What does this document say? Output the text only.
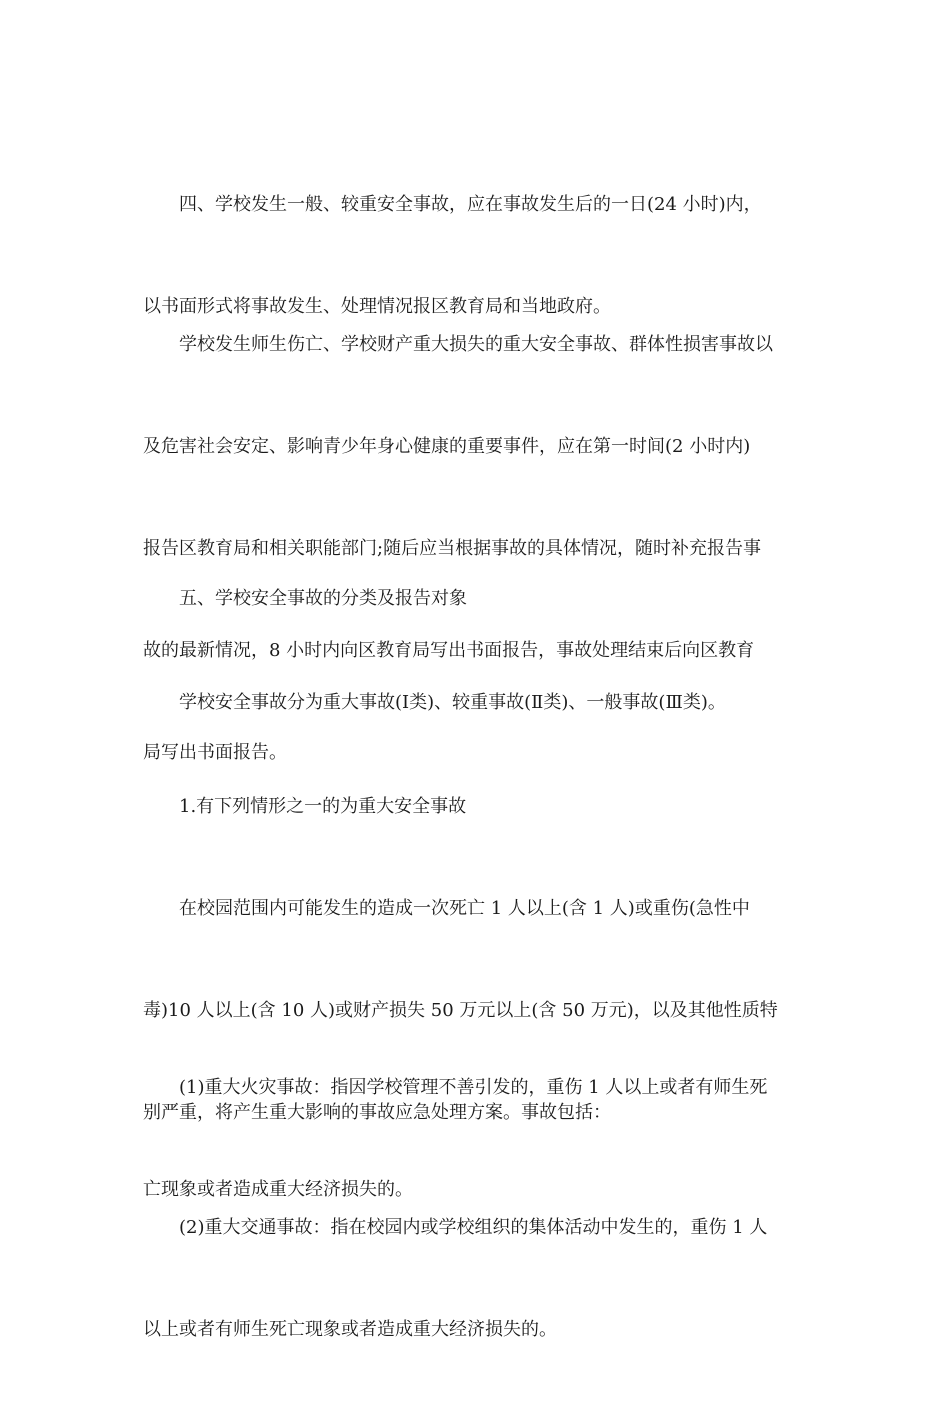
四、学校发生一般、较重安全事故，应在事故发生后的一日(24 小时)内，

以书面形式将事故发生、处理情况报区教育局和当地政府。

学校发生师生伤亡、学校财产重大损失的重大安全事故、群体性损害事故以

及危害社会安定、影响青少年身心健康的重要事件，应在第一时间(2 小时内)

报告区教育局和相关职能部门;随后应当根据事故的具体情况，随时补充报告事

故的最新情况，8 小时内向区教育局写出书面报告，事故处理结束后向区教育

局写出书面报告。

五、学校安全事故的分类及报告对象

学校安全事故分为重大事故(Ⅰ类)、较重事故(Ⅱ类)、一般事故(Ⅲ类)。

1.有下列情形之一的为重大安全事故

在校园范围内可能发生的造成一次死亡 1 人以上(含 1 人)或重伤(急性中

毒)10 人以上(含 10 人)或财产损失 50 万元以上(含 50 万元)，以及其他性质特

别严重，将产生重大影响的事故应急处理方案。事故包括：

(1)重大火灾事故：指因学校管理不善引发的，重伤 1 人以上或者有师生死

亡现象或者造成重大经济损失的。

(2)重大交通事故：指在校园内或学校组织的集体活动中发生的，重伤 1 人

以上或者有师生死亡现象或者造成重大经济损失的。
